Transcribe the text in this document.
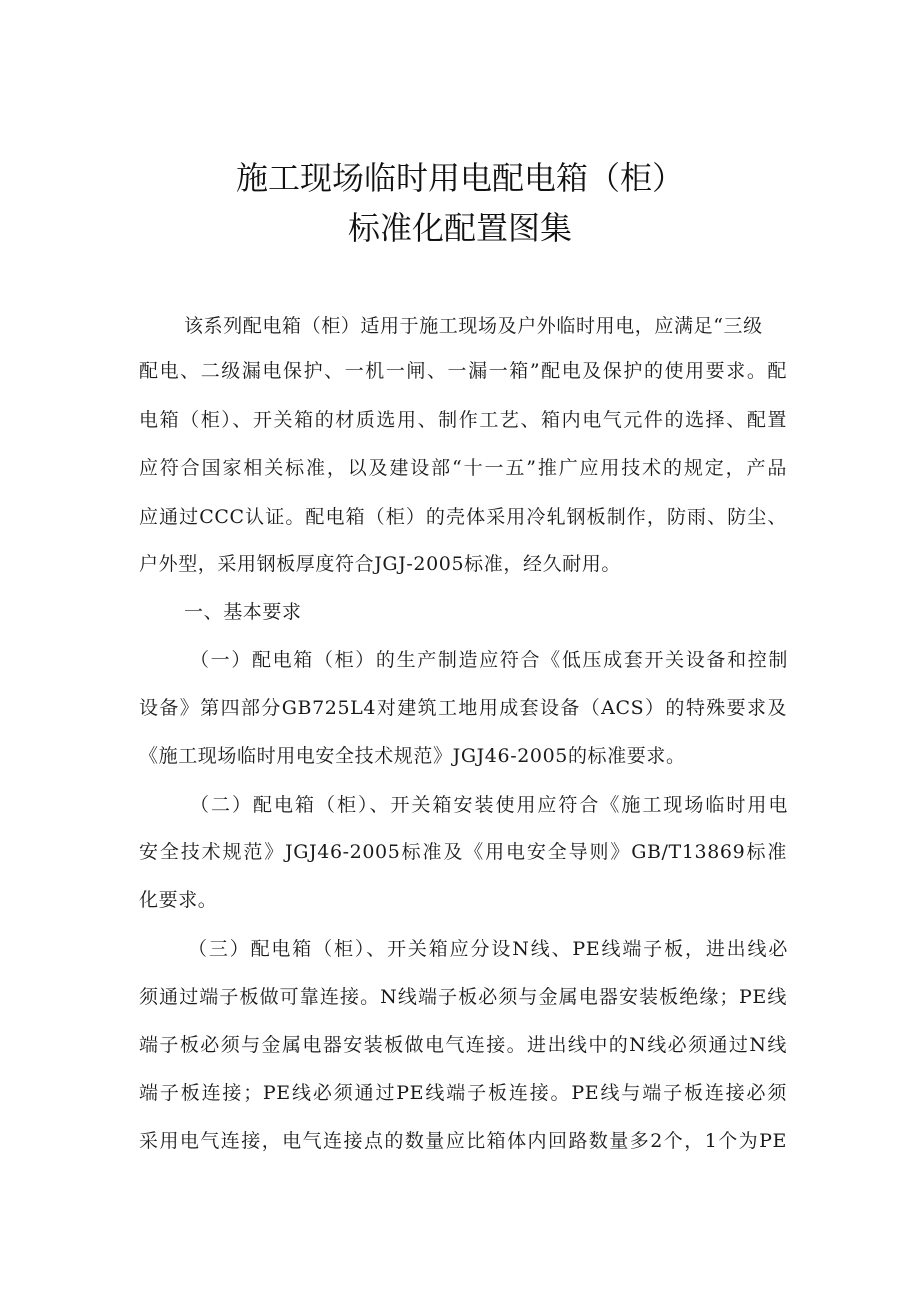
施工现场临时用电配电箱（柜）
标准化配置图集
该系列配电箱（柜）适用于施工现场及户外临时用电，应满足“三级
配电、二级漏电保护、一机一闸、一漏一箱”配电及保护的使用要求。配
电箱（柜）、开关箱的材质选用、制作工艺、箱内电气元件的选择、配置
应符合国家相关标准，以及建设部“十一五”推广应用技术的规定，产品
应通过CCC认证。配电箱（柜）的壳体采用冷轧钢板制作，防雨、防尘、
户外型，采用钢板厚度符合JGJ-2005标准，经久耐用。
一、基本要求
（一）配电箱（柜）的生产制造应符合《低压成套开关设备和控制
设备》第四部分GB725L4对建筑工地用成套设备（ACS）的特殊要求及
《施工现场临时用电安全技术规范》JGJ46-2005的标准要求。
（二）配电箱（柜）、开关箱安装使用应符合《施工现场临时用电
安全技术规范》JGJ46-2005标准及《用电安全导则》GB/T13869标准
化要求。
（三）配电箱（柜）、开关箱应分设N线、PE线端子板，进出线必
须通过端子板做可靠连接。N线端子板必须与金属电器安装板绝缘；PE线
端子板必须与金属电器安装板做电气连接。进出线中的N线必须通过N线
端子板连接；PE线必须通过PE线端子板连接。PE线与端子板连接必须
采用电气连接，电气连接点的数量应比箱体内回路数量多2个，1个为PE
